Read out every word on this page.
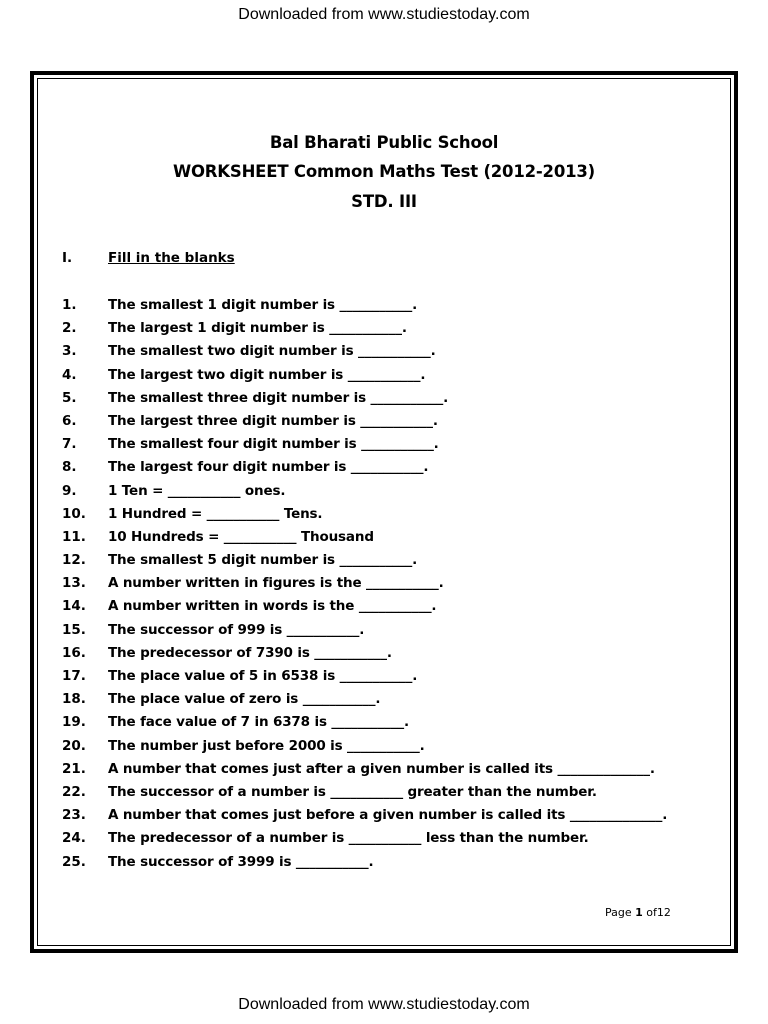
Downloaded from www.studiestoday.com
Bal Bharati Public School
WORKSHEET Common Maths Test (2012-2013)
STD. III
I.	Fill in the blanks
1. The smallest 1 digit number is ___________.
2. The largest 1 digit number is ___________.
3. The smallest two digit number is ___________.
4. The largest two digit number is ___________.
5. The smallest three digit number is ___________.
6. The largest three digit number is ___________.
7. The smallest four digit number is ___________.
8. The largest four digit number is ___________.
9. 1 Ten = ___________ ones.
10. 1 Hundred = ___________ Tens.
11. 10 Hundreds = ___________ Thousand
12. The smallest 5 digit number is ___________.
13. A number written in figures is the ___________.
14. A number written in words is the ___________.
15. The successor of 999 is ___________.
16. The predecessor of 7390 is ___________.
17. The place value of 5 in 6538 is ___________.
18. The place value of zero is ___________.
19. The face value of 7 in 6378 is ___________.
20. The number just before 2000 is ___________.
21. A number that comes just after a given number is called its ______________.
22. The successor of a number is ___________ greater than the number.
23. A number that comes just before a given number is called its ______________.
24. The predecessor of a number is ___________ less than the number.
25. The successor of 3999 is ___________.
Page 1 of12
Downloaded from www.studiestoday.com
